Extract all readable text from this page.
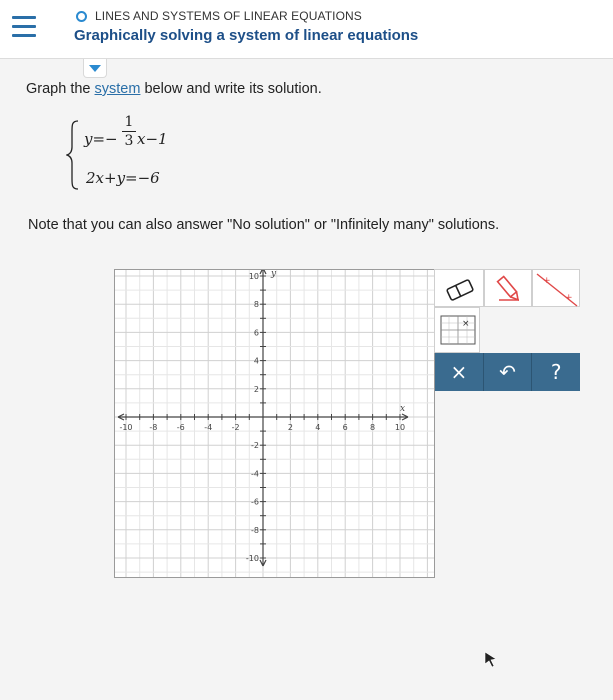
LINES AND SYSTEMS OF LINEAR EQUATIONS
Graphically solving a system of linear equations
Graph the system below and write its solution.
y=−
1
3 x−1
2x+y=−6
Note that you can also answer "No solution" or "Infinitely many" solutions.
-10 -8 -6 -4 -2	2	4	6	8 10
10
8
6
4
2
-2
-4
-6
-8
-10
x
y
+
+
×
×	↶	?
